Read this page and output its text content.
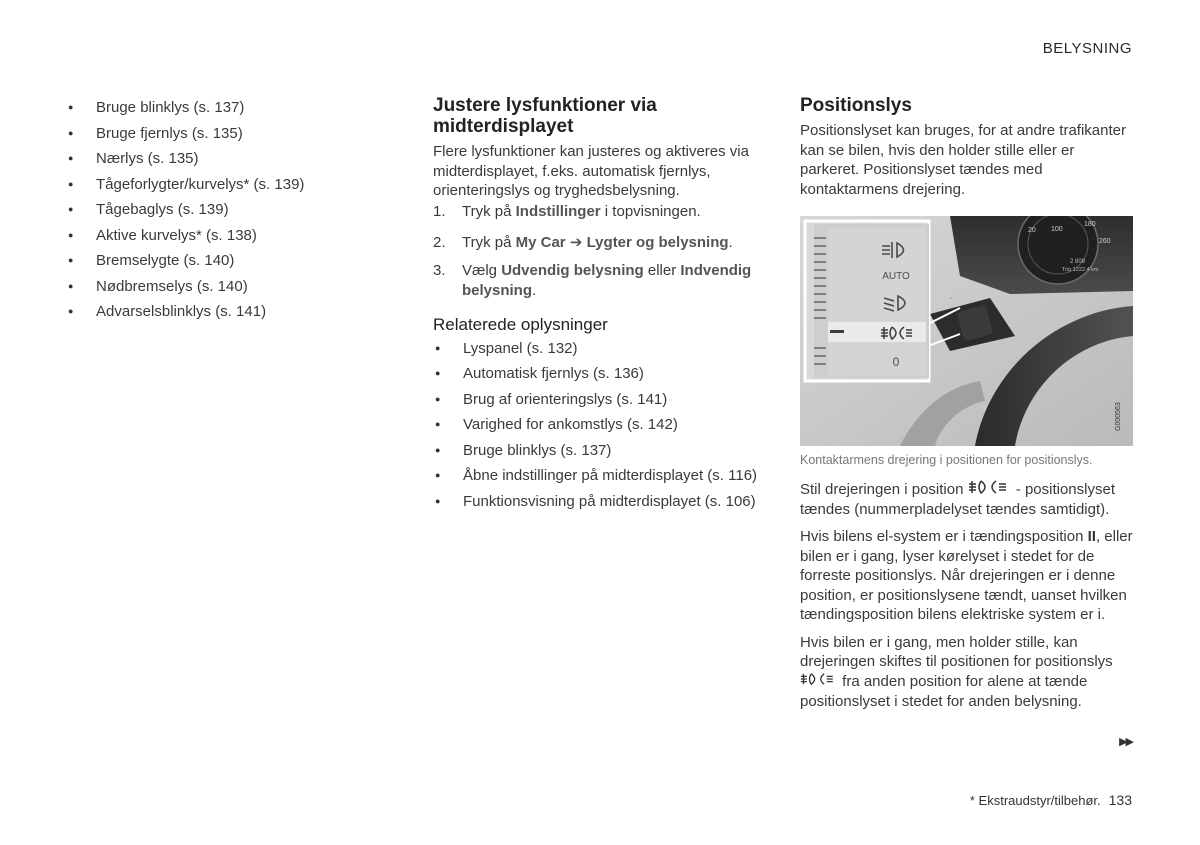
BELYSNING
● Bruge blinklys (s. 137)
● Bruge fjernlys (s. 135)
● Nærlys (s. 135)
● Tågeforlygter/kurvelys* (s. 139)
● Tågebaglys (s. 139)
● Aktive kurvelys* (s. 138)
● Bremselygte (s. 140)
● Nødbremselys (s. 140)
● Advarselsblinklys (s. 141)
Justere lysfunktioner via midterdisplayet

Flere lysfunktioner kan justeres og aktiveres via midterdisplayet, f.eks. automatisk fjernlys, orienteringslys og tryghedsbelysning.

1. Tryk på Indstillinger i topvisningen.
2. Tryk på My Car ➔ Lygter og belysning.
3. Vælg Udvendig belysning eller Indvendig belysning.
Relaterede oplysninger
● Lyspanel (s. 132)
● Automatisk fjernlys (s. 136)
● Brug af orienteringslys (s. 141)
● Varighed for ankomstlys (s. 142)
● Bruge blinklys (s. 137)
● Åbne indstillinger på midterdisplayet (s. 116)
● Funktionsvisning på midterdisplayet (s. 106)
Positionslys

Positionslyset kan bruges, for at andre trafikanter kan se bilen, hvis den holder stille eller er parkeret. Positionslyset tændes med kontaktarmens drejering.

20 100
260
180
2 809
Trip 1222.4 km
•
AUTO
0
G000563
Kontaktarmens drejering i positionen for positionslys.

Stil drejeringen i position	- positionslyset tændes (nummerpladelyset tændes samtidigt).

Hvis bilens el-system er i tændingsposition II, eller bilen er i gang, lyser kørelyset i stedet for de forreste positionslys. Når drejeringen er i denne position, er positionslysene tændt, uanset hvilken tændingsposition bilens elektriske system er i.

Hvis bilen er i gang, men holder stille, kan drejeringen skiftes til positionen for positionslys  fra anden position for alene at tænde positionslyset i stedet for anden belysning.

▶▶
* Ekstraudstyr/tilbehør. 133
